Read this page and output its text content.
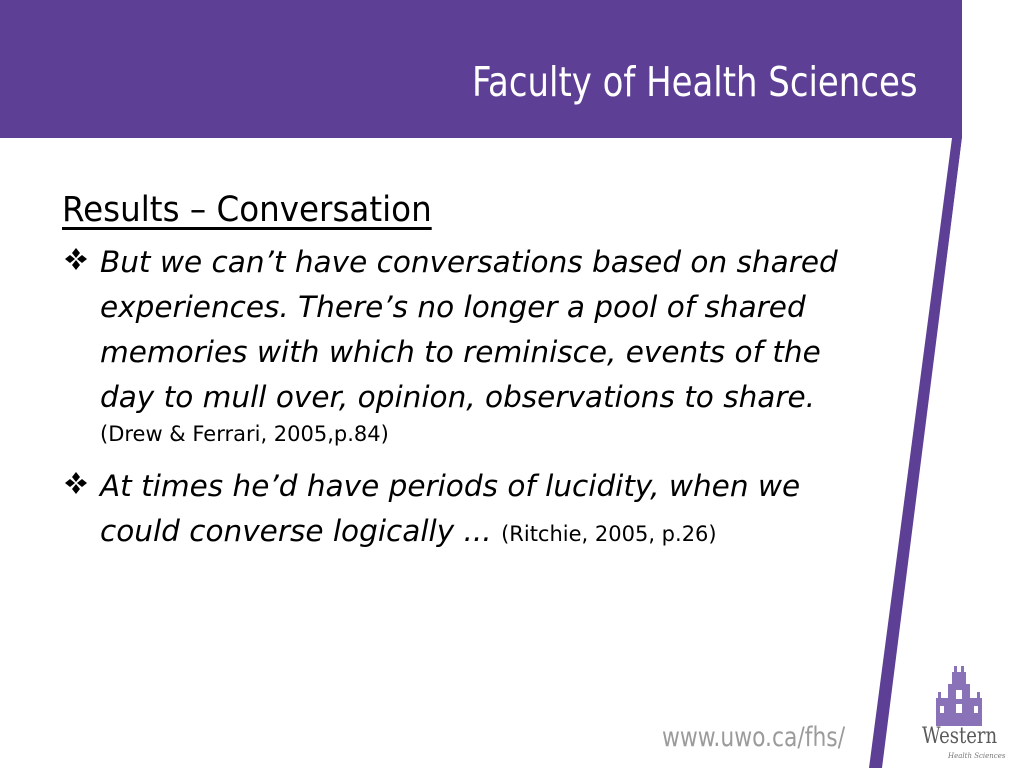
Faculty of Health Sciences
Results – Conversation
But we can’t have conversations based on shared experiences. There’s no longer a pool of shared memories with which to reminisce, events of the day to mull over, opinion, observations to share.
(Drew & Ferrari, 2005,p.84)
At times he’d have periods of lucidity, when we could converse logically ... (Ritchie, 2005, p.26)
www.uwo.ca/fhs/	Western
Health Sciences
